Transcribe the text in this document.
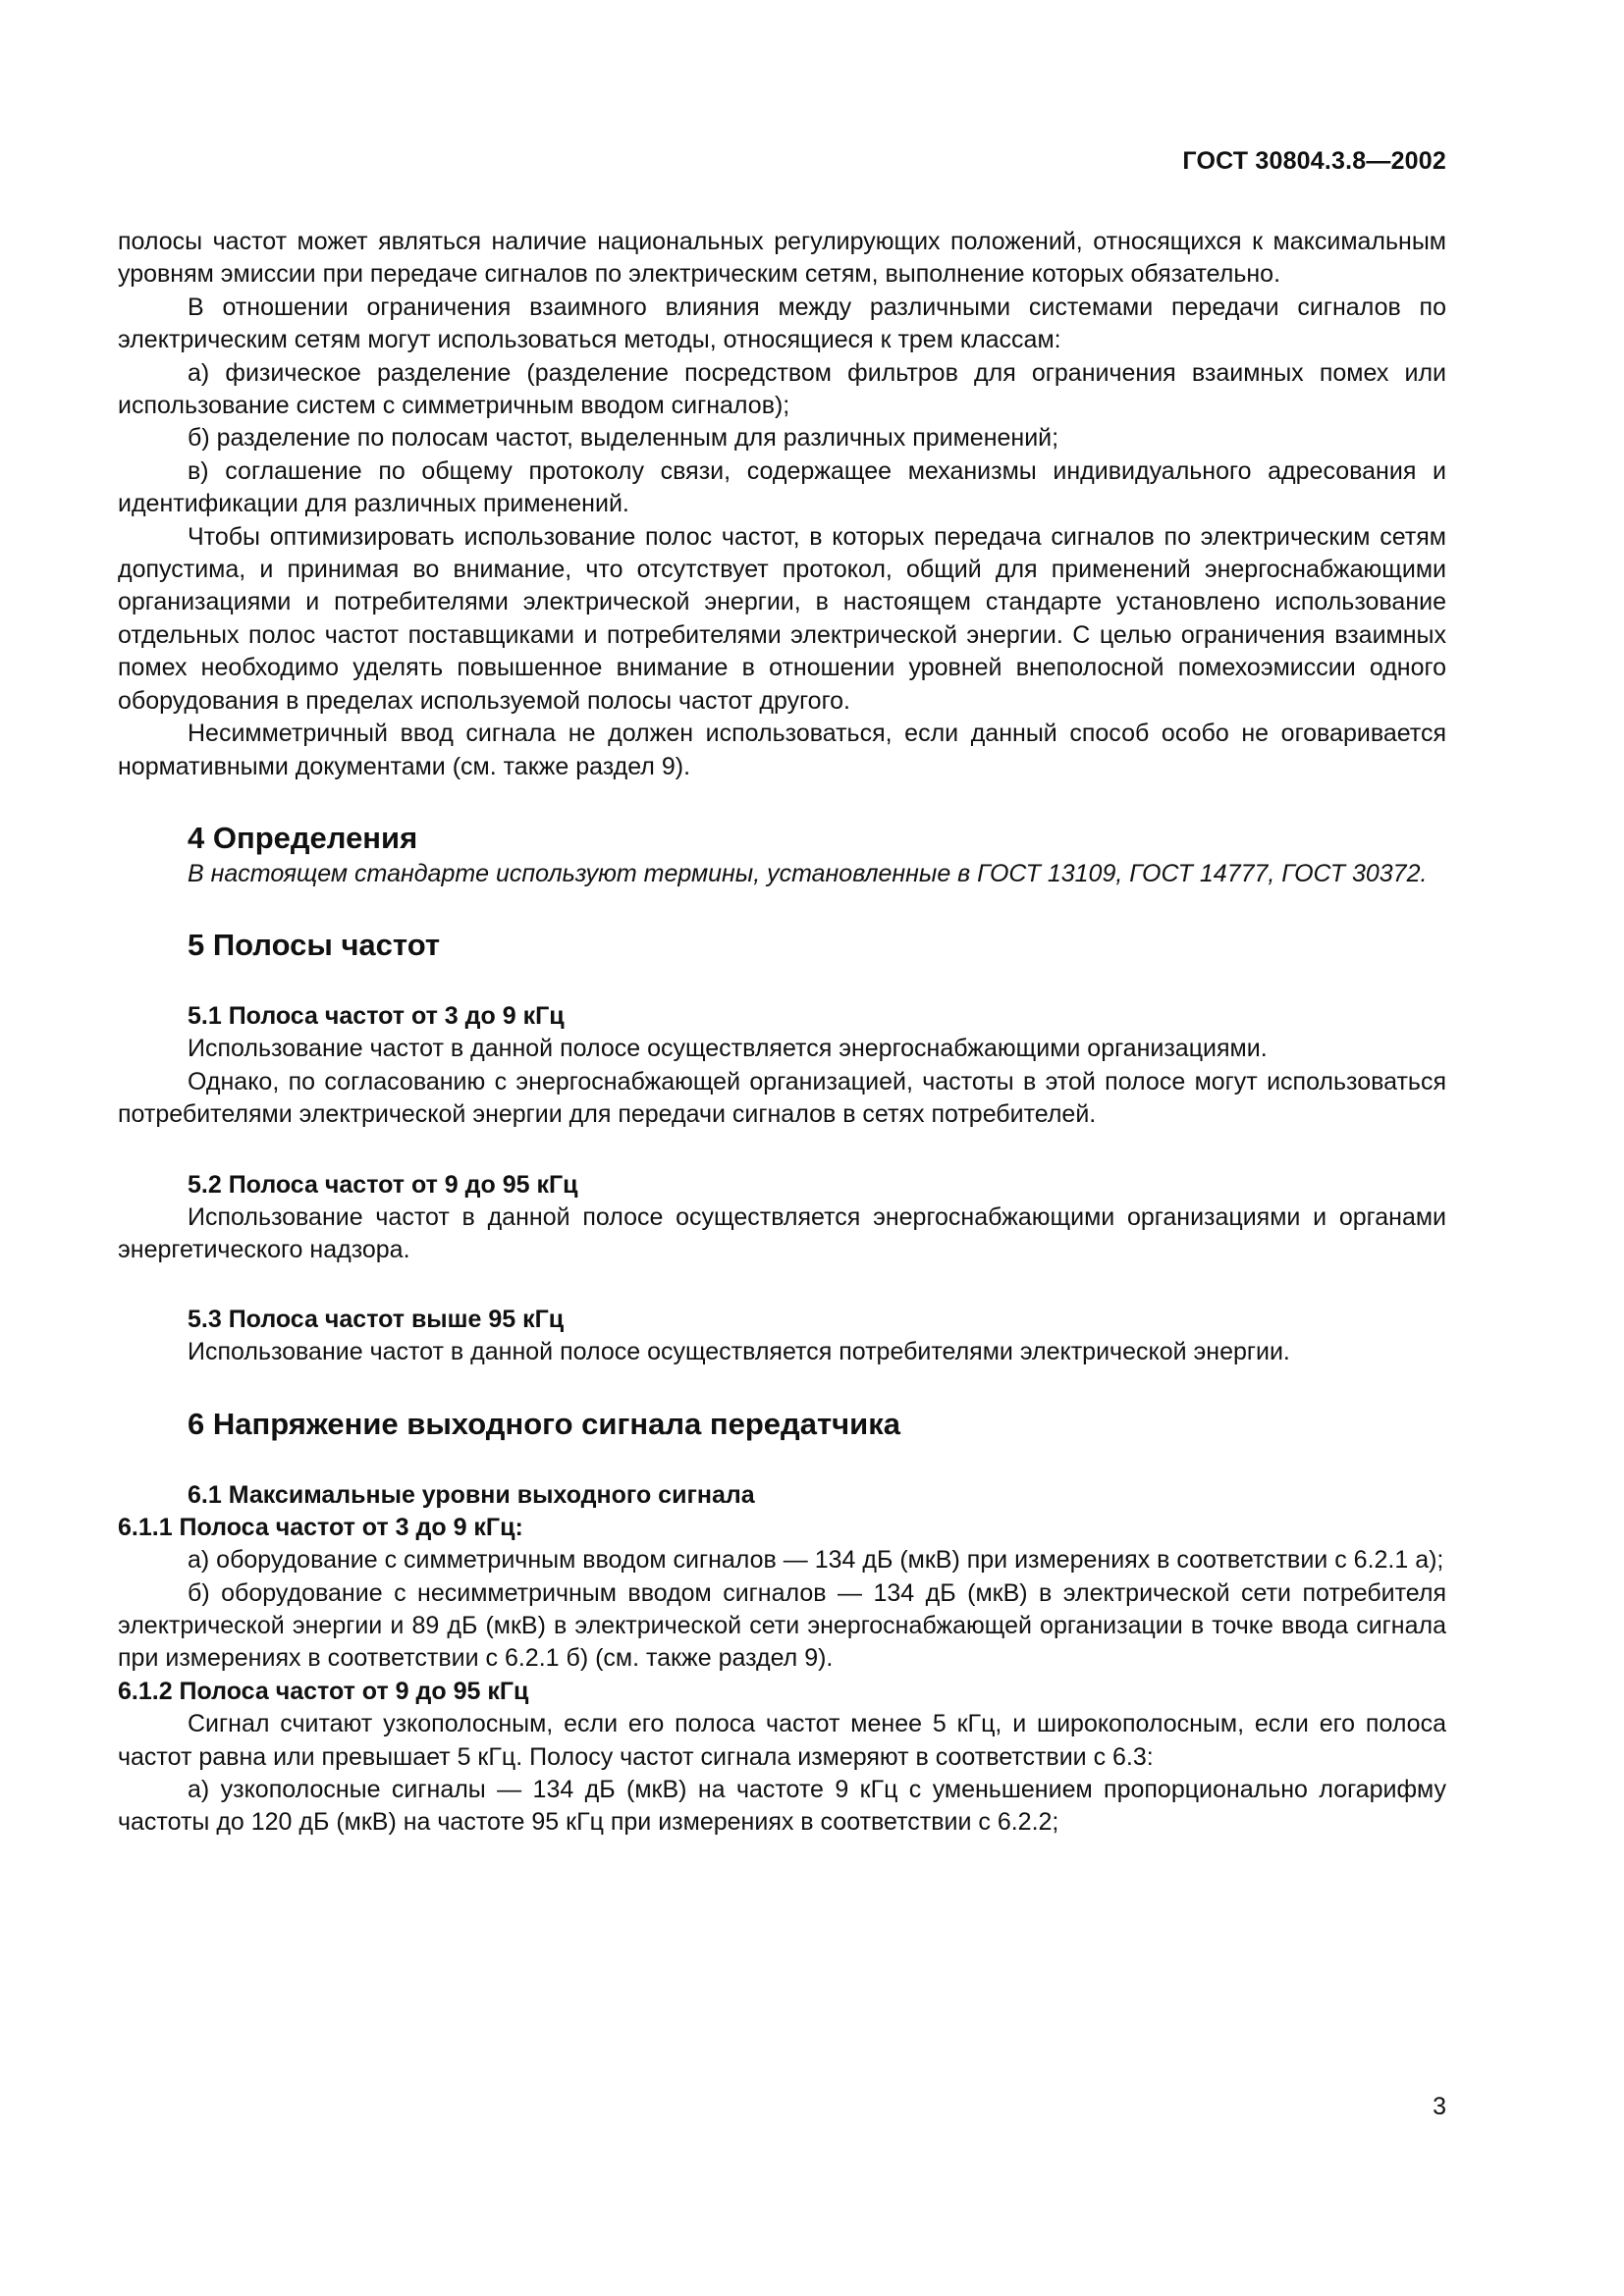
ГОСТ 30804.3.8—2002

полосы частот может являться наличие национальных регулирующих положений, относящихся к максимальным уровням эмиссии при передаче сигналов по электрическим сетям, выполнение которых обязательно.

В отношении ограничения взаимного влияния между различными системами передачи сигналов по электрическим сетям могут использоваться методы, относящиеся к трем классам:

а) физическое разделение (разделение посредством фильтров для ограничения взаимных помех или использование систем с симметричным вводом сигналов);

б) разделение по полосам частот, выделенным для различных применений;

в) соглашение по общему протоколу связи, содержащее механизмы индивидуального адресования и идентификации для различных применений.

Чтобы оптимизировать использование полос частот, в которых передача сигналов по электрическим сетям допустима, и принимая во внимание, что отсутствует протокол, общий для применений энергоснабжающими организациями и потребителями электрической энергии, в настоящем стандарте установлено использование отдельных полос частот поставщиками и потребителями электрической энергии. С целью ограничения взаимных помех необходимо уделять повышенное внимание в отношении уровней внеполосной помехоэмиссии одного оборудования в пределах используемой полосы частот другого.

Несимметричный ввод сигнала не должен использоваться, если данный способ особо не оговаривается нормативными документами (см. также раздел 9).

4 Определения

В настоящем стандарте используют термины, установленные в ГОСТ 13109, ГОСТ 14777, ГОСТ 30372.

5 Полосы частот
5.1 Полоса частот от 3 до 9 кГц

Использование частот в данной полосе осуществляется энергоснабжающими организациями.

Однако, по согласованию с энергоснабжающей организацией, частоты в этой полосе могут использоваться потребителями электрической энергии для передачи сигналов в сетях потребителей.

5.2 Полоса частот от 9 до 95 кГц

Использование частот в данной полосе осуществляется энергоснабжающими организациями и органами энергетического надзора.

5.3 Полоса частот выше 95 кГц

Использование частот в данной полосе осуществляется потребителями электрической энергии.

6 Напряжение выходного сигнала передатчика
6.1 Максимальные уровни выходного сигнала

6.1.1 Полоса частот от 3 до 9 кГц:

а) оборудование с симметричным вводом сигналов — 134 дБ (мкВ) при измерениях в соответствии с 6.2.1 а);

б) оборудование с несимметричным вводом сигналов — 134 дБ (мкВ) в электрической сети потребителя электрической энергии и 89 дБ (мкВ) в электрической сети энергоснабжающей организации в точке ввода сигнала при измерениях в соответствии с 6.2.1 б) (см. также раздел 9).

6.1.2 Полоса частот от 9 до 95 кГц

Сигнал считают узкополосным, если его полоса частот менее 5 кГц, и широкополосным, если его полоса частот равна или превышает 5 кГц. Полосу частот сигнала измеряют в соответствии с 6.3:

а) узкополосные сигналы — 134 дБ (мкВ) на частоте 9 кГц с уменьшением пропорционально логарифму частоты до 120 дБ (мкВ) на частоте 95 кГц при измерениях в соответствии с 6.2.2;

3
